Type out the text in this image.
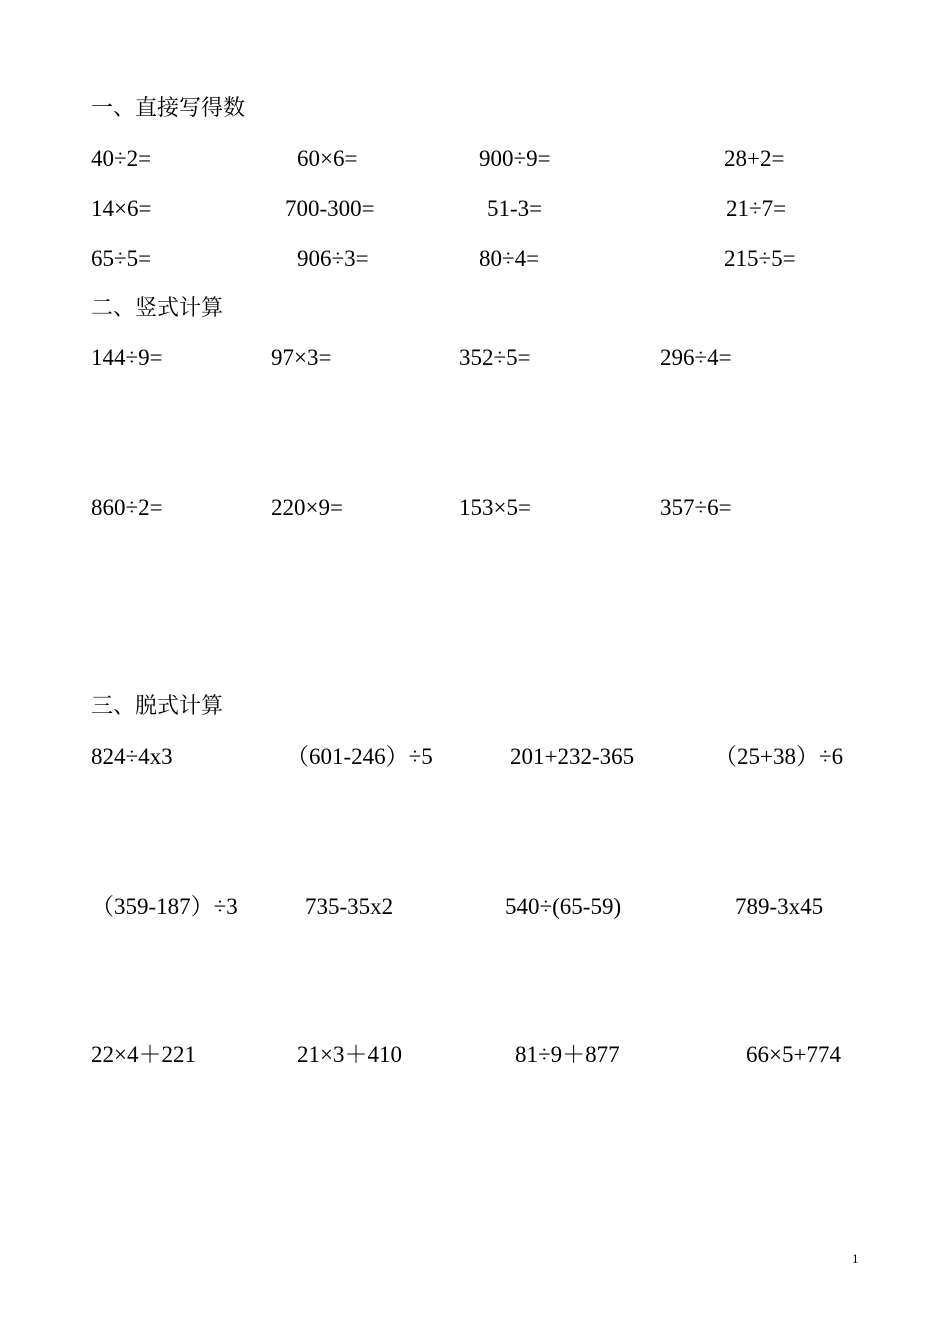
一、直接写得数
40÷2=	60×6=	900÷9=	28+2=
14×6=	700-300=	51-3=	21÷7=
65÷5=	906÷3=	80÷4=	215÷5=
二、竖式计算
144÷9=	97×3=	352÷5=	296÷4=
860÷2=	220×9=	153×5=	357÷6=
三、脱式计算
824÷4x3	（601-246）÷5	201+232-365	（25+38）÷6
（359-187）÷3	735-35x2	540÷(65-59)	789-3x45
22×4＋221	21×3＋410	81÷9＋877	66×5+774
1
